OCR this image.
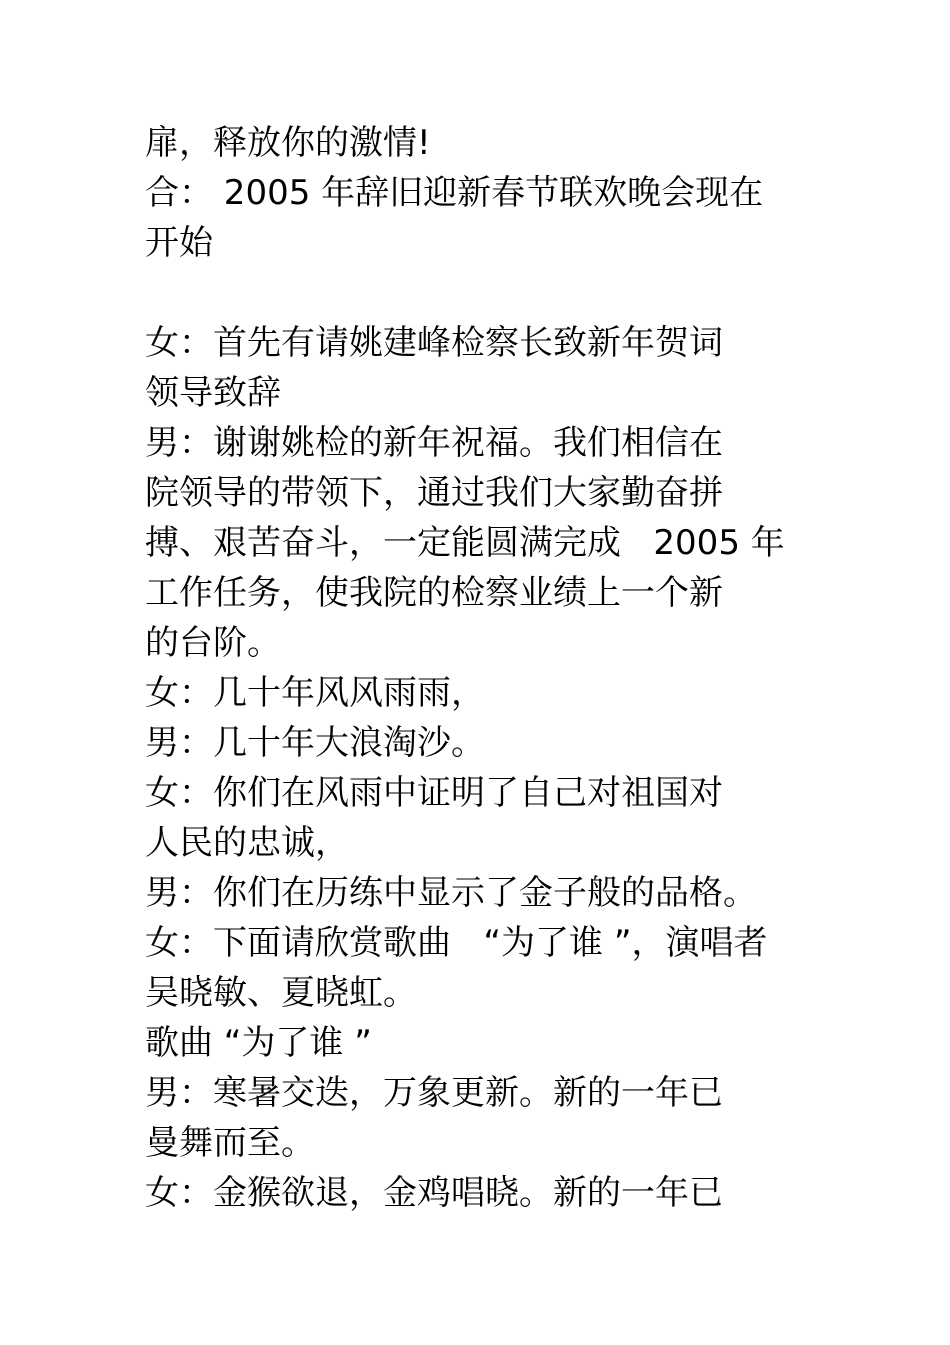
扉，释放你的激情!
合： 2005 年辞旧迎新春节联欢晚会现在
开始
女：首先有请姚建峰检察长致新年贺词
领导致辞
男：谢谢姚检的新年祝福。我们相信在
院领导的带领下，通过我们大家勤奋拼
搏、艰苦奋斗，一定能圆满完成   2005 年
工作任务，使我院的检察业绩上一个新
的台阶。
女：几十年风风雨雨，
男：几十年大浪淘沙。
女：你们在风雨中证明了自己对祖国对
人民的忠诚，
男：你们在历练中显示了金子般的品格。
女：下面请欣赏歌曲   “为了谁 ”，演唱者
吴晓敏、夏晓虹。
歌曲 “为了谁 ”
男：寒暑交迭，万象更新。新的一年已
曼舞而至。
女：金猴欲退，金鸡唱晓。新的一年已
